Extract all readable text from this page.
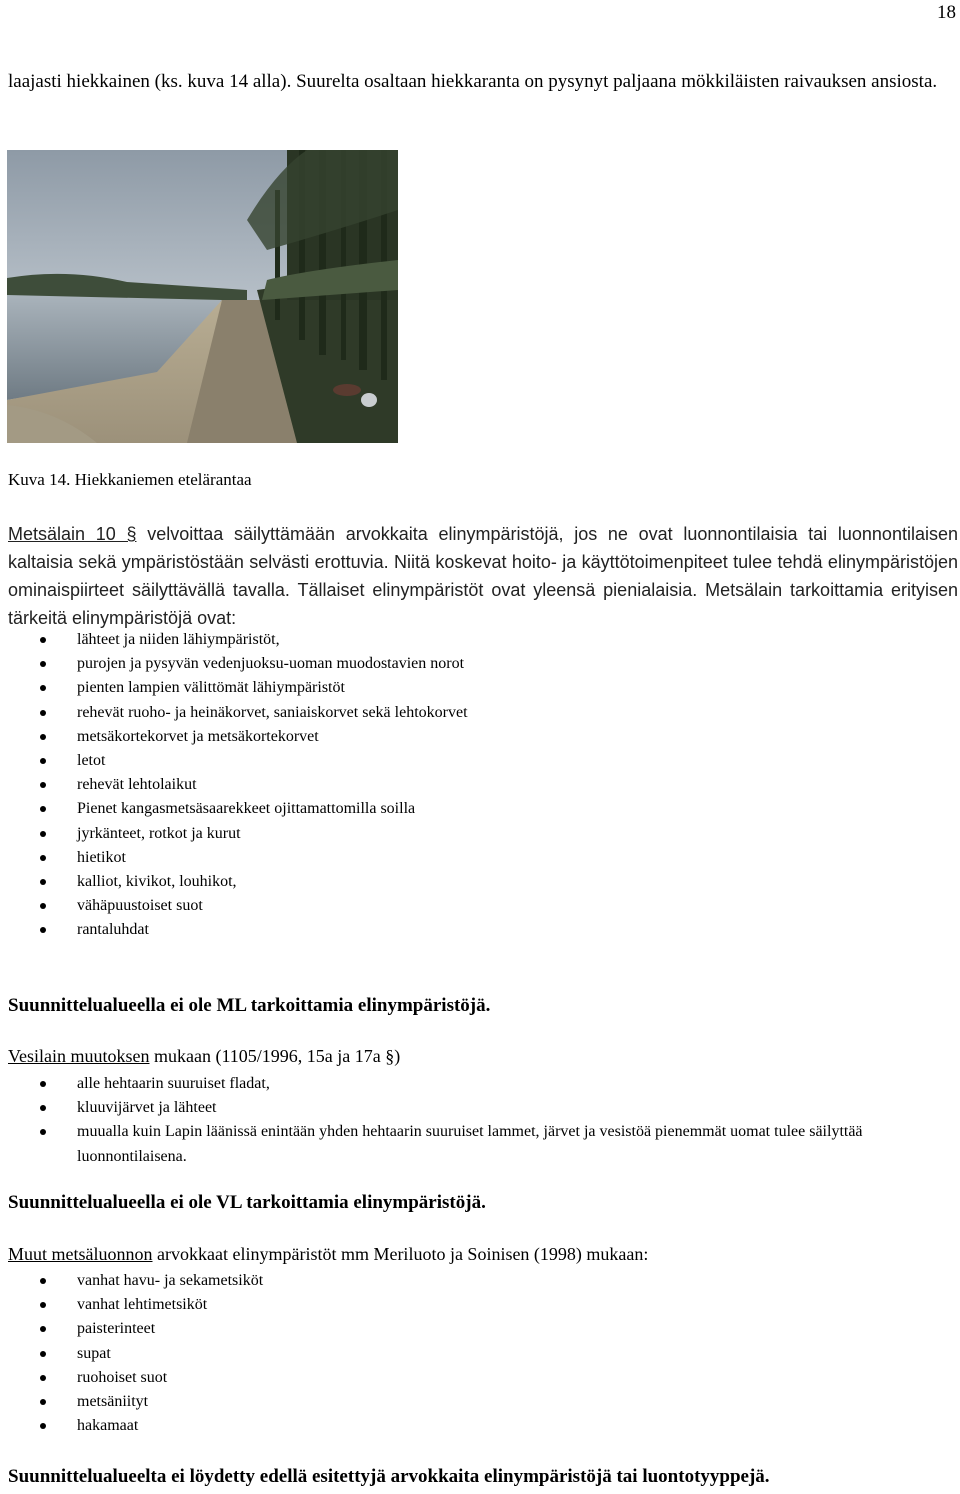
18
laajasti hiekkainen (ks. kuva 14 alla). Suurelta osaltaan hiekkaranta on pysynyt paljaana mökkiläisten raivauksen ansiosta.
Kuva 14. Hiekkaniemen etelärantaa
Metsälain 10 § velvoittaa säilyttämään arvokkaita elinympäristöjä, jos ne ovat luonnontilaisia tai luonnontilaisen kaltaisia sekä ympäristöstään selvästi erottuvia. Niitä koskevat hoito- ja käyttötoimenpiteet tulee tehdä elinympäristöjen ominaispiirteet säilyttävällä tavalla. Tällaiset elinympäristöt ovat yleensä pienialaisia. Metsälain tarkoittamia erityisen tärkeitä elinympäristöjä ovat:
lähteet ja niiden lähiympäristöt,
purojen ja pysyvän vedenjuoksu-uoman muodostavien norot
pienten lampien välittömät lähiympäristöt
rehevät ruoho- ja heinäkorvet, saniaiskorvet sekä lehtokorvet
metsäkortekorvet ja metsäkortekorvet
letot
rehevät lehtolaikut
Pienet kangasmetsäsaarekkeet ojittamattomilla soilla
jyrkänteet, rotkot ja kurut
hietikot
kalliot, kivikot, louhikot,
vähäpuustoiset suot
rantaluhdat
Suunnittelualueella ei ole ML tarkoittamia elinympäristöjä.
Vesilain muutoksen mukaan (1105/1996, 15a ja 17a §)
alle hehtaarin suuruiset fladat,
kluuvijärvet ja lähteet
muualla kuin Lapin läänissä enintään yhden hehtaarin suuruiset lammet, järvet ja vesistöä pienemmät uomat tulee säilyttää luonnontilaisena.
Suunnittelualueella ei ole VL tarkoittamia elinympäristöjä.
Muut metsäluonnon arvokkaat elinympäristöt mm Meriluoto ja Soinisen (1998) mukaan:
vanhat havu- ja sekametsiköt
vanhat lehtimetsiköt
paisterinteet
supat
ruohoiset suot
metsäniityt
hakamaat
Suunnittelualueelta ei löydetty edellä esitettyjä arvokkaita elinympäristöjä tai luontotyyppejä.
